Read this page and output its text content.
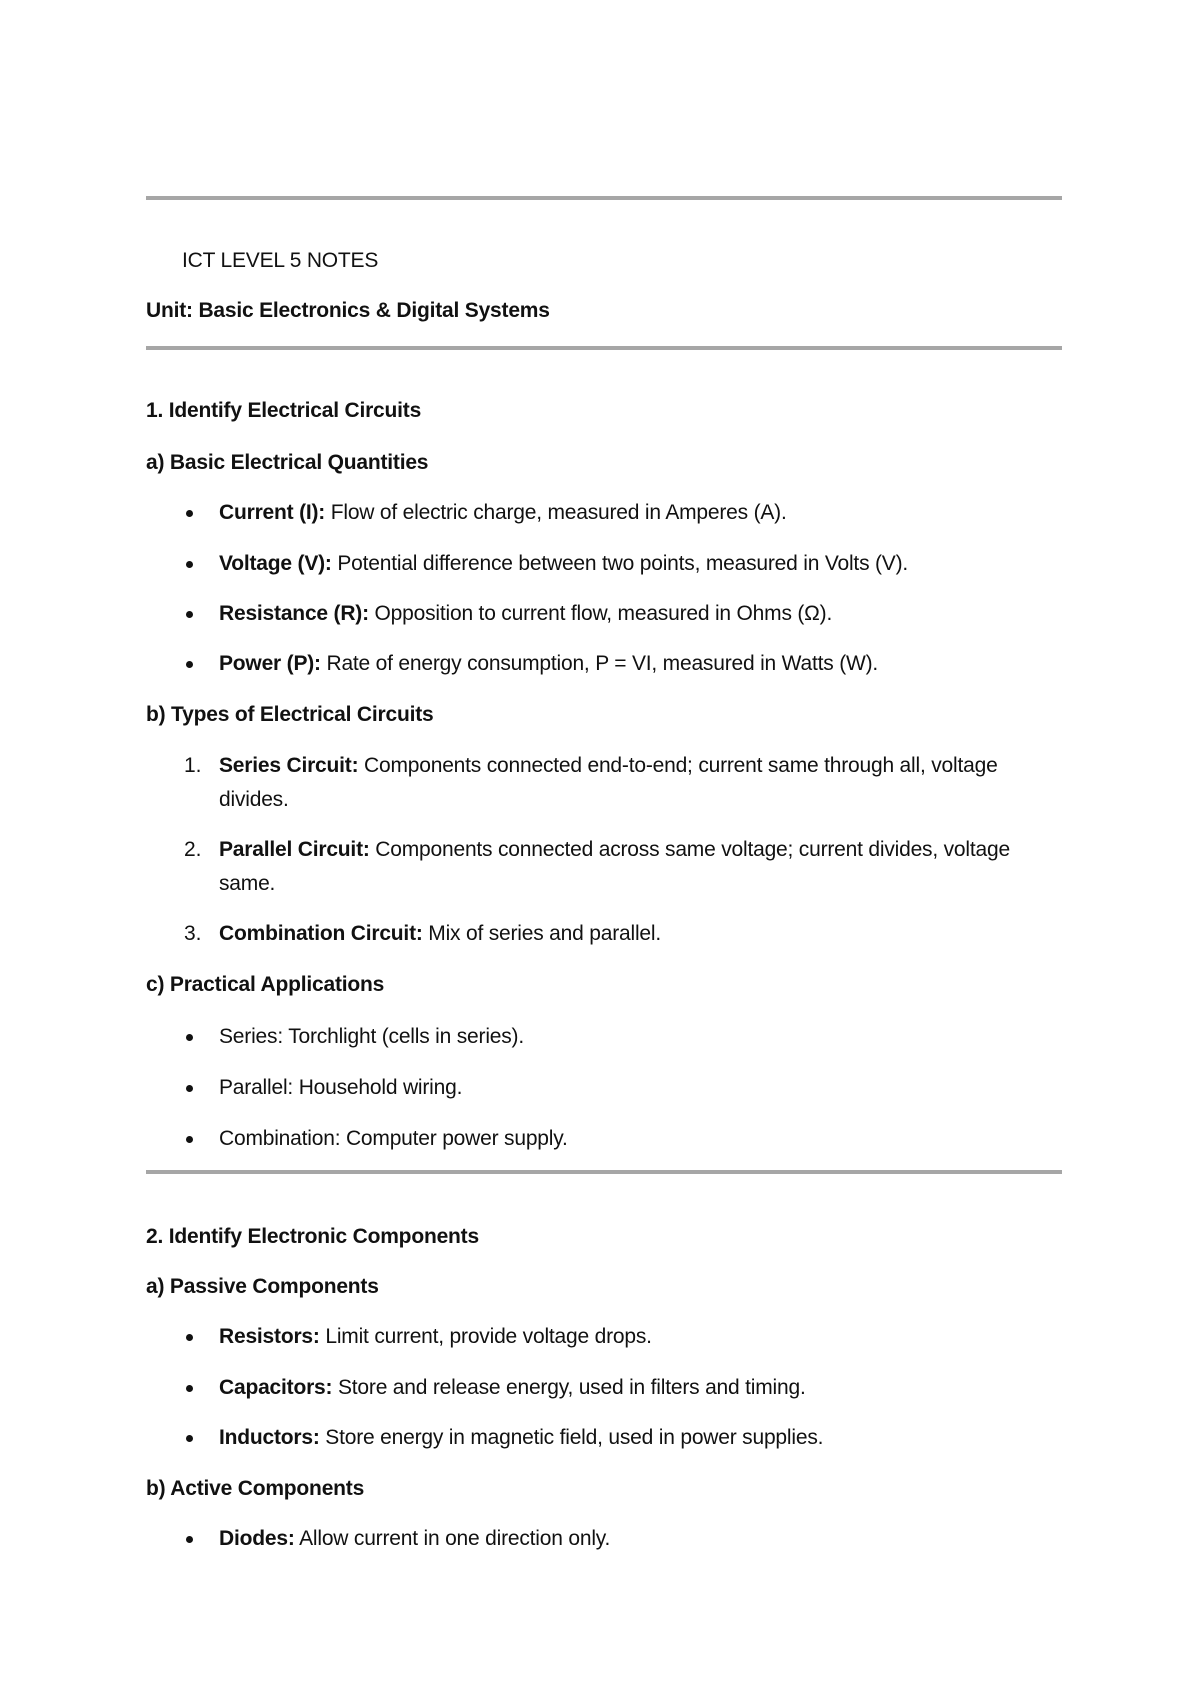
ICT LEVEL 5 NOTES
Unit: Basic Electronics & Digital Systems
1. Identify Electrical Circuits
a) Basic Electrical Quantities
Current (I): Flow of electric charge, measured in Amperes (A).
Voltage (V): Potential difference between two points, measured in Volts (V).
Resistance (R): Opposition to current flow, measured in Ohms (Ω).
Power (P): Rate of energy consumption, P = VI, measured in Watts (W).
b) Types of Electrical Circuits
1. Series Circuit: Components connected end-to-end; current same through all, voltage
divides.
2. Parallel Circuit: Components connected across same voltage; current divides, voltage
same.
3. Combination Circuit: Mix of series and parallel.
c) Practical Applications
Series: Torchlight (cells in series).
Parallel: Household wiring.
Combination: Computer power supply.
2. Identify Electronic Components
a) Passive Components
Resistors: Limit current, provide voltage drops.
Capacitors: Store and release energy, used in filters and timing.
Inductors: Store energy in magnetic field, used in power supplies.
b) Active Components
Diodes: Allow current in one direction only.
